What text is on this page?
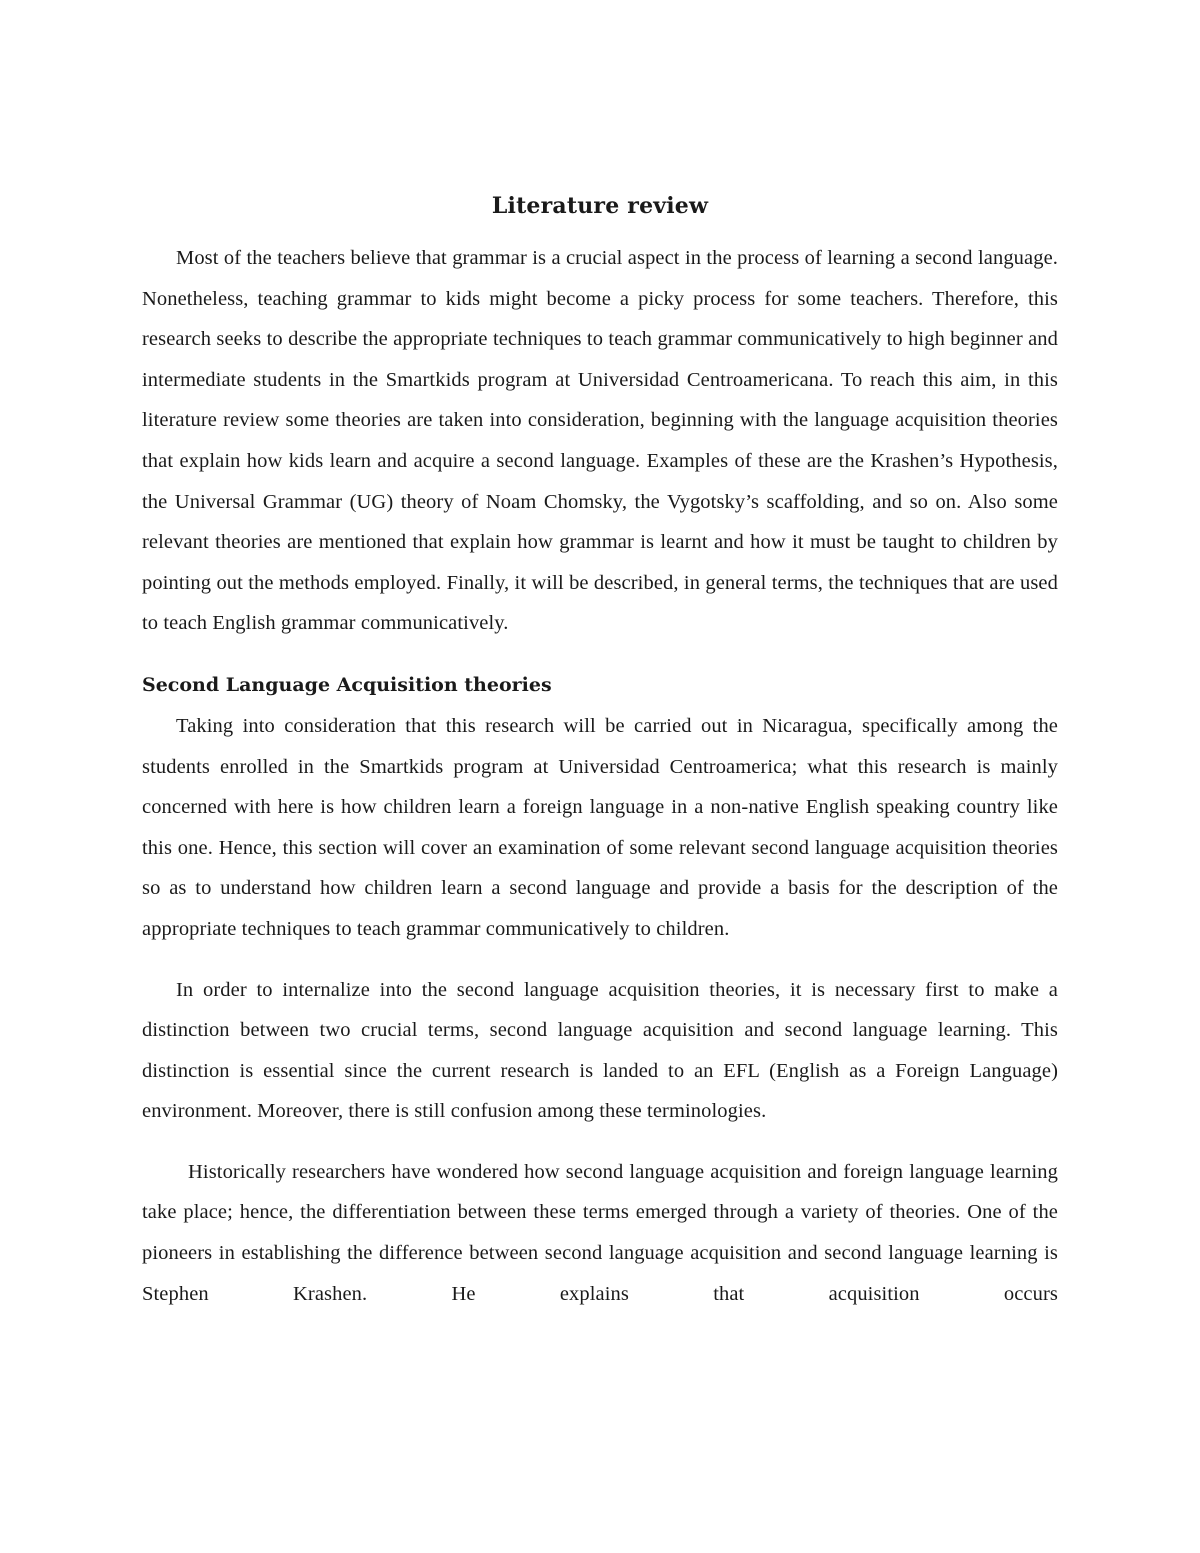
Literature review

Most of the teachers believe that grammar is a crucial aspect in the process of learning a second language. Nonetheless, teaching grammar to kids might become a picky process for some teachers. Therefore, this research seeks to describe the appropriate techniques to teach grammar communicatively to high beginner and intermediate students in the Smartkids program at Universidad Centroamericana. To reach this aim, in this literature review some theories are taken into consideration, beginning with the language acquisition theories that explain how kids learn and acquire a second language. Examples of these are the Krashen’s Hypothesis, the Universal Grammar (UG) theory of Noam Chomsky, the Vygotsky’s scaffolding, and so on. Also some relevant theories are mentioned that explain how grammar is learnt and how it must be taught to children by pointing out the methods employed. Finally, it will be described, in general terms, the techniques that are used to teach English grammar communicatively.

Second Language Acquisition theories

Taking into consideration that this research will be carried out in Nicaragua, specifically among the students enrolled in the Smartkids program at Universidad Centroamerica; what this research is mainly concerned with here is how children learn a foreign language in a non-native English speaking country like this one. Hence, this section will cover an examination of some relevant second language acquisition theories so as to understand how children learn a second language and provide a basis for the description of the appropriate techniques to teach grammar communicatively to children.

In order to internalize into the second language acquisition theories, it is necessary first to make a distinction between two crucial terms, second language acquisition and second language learning. This distinction is essential since the current research is landed to an EFL (English as a Foreign Language) environment. Moreover, there is still confusion among these terminologies.

Historically researchers have wondered how second language acquisition and foreign language learning take place; hence, the differentiation between these terms emerged through a variety of theories. One of the pioneers in establishing the difference between second language acquisition and second language learning is Stephen Krashen. He explains that acquisition occurs
